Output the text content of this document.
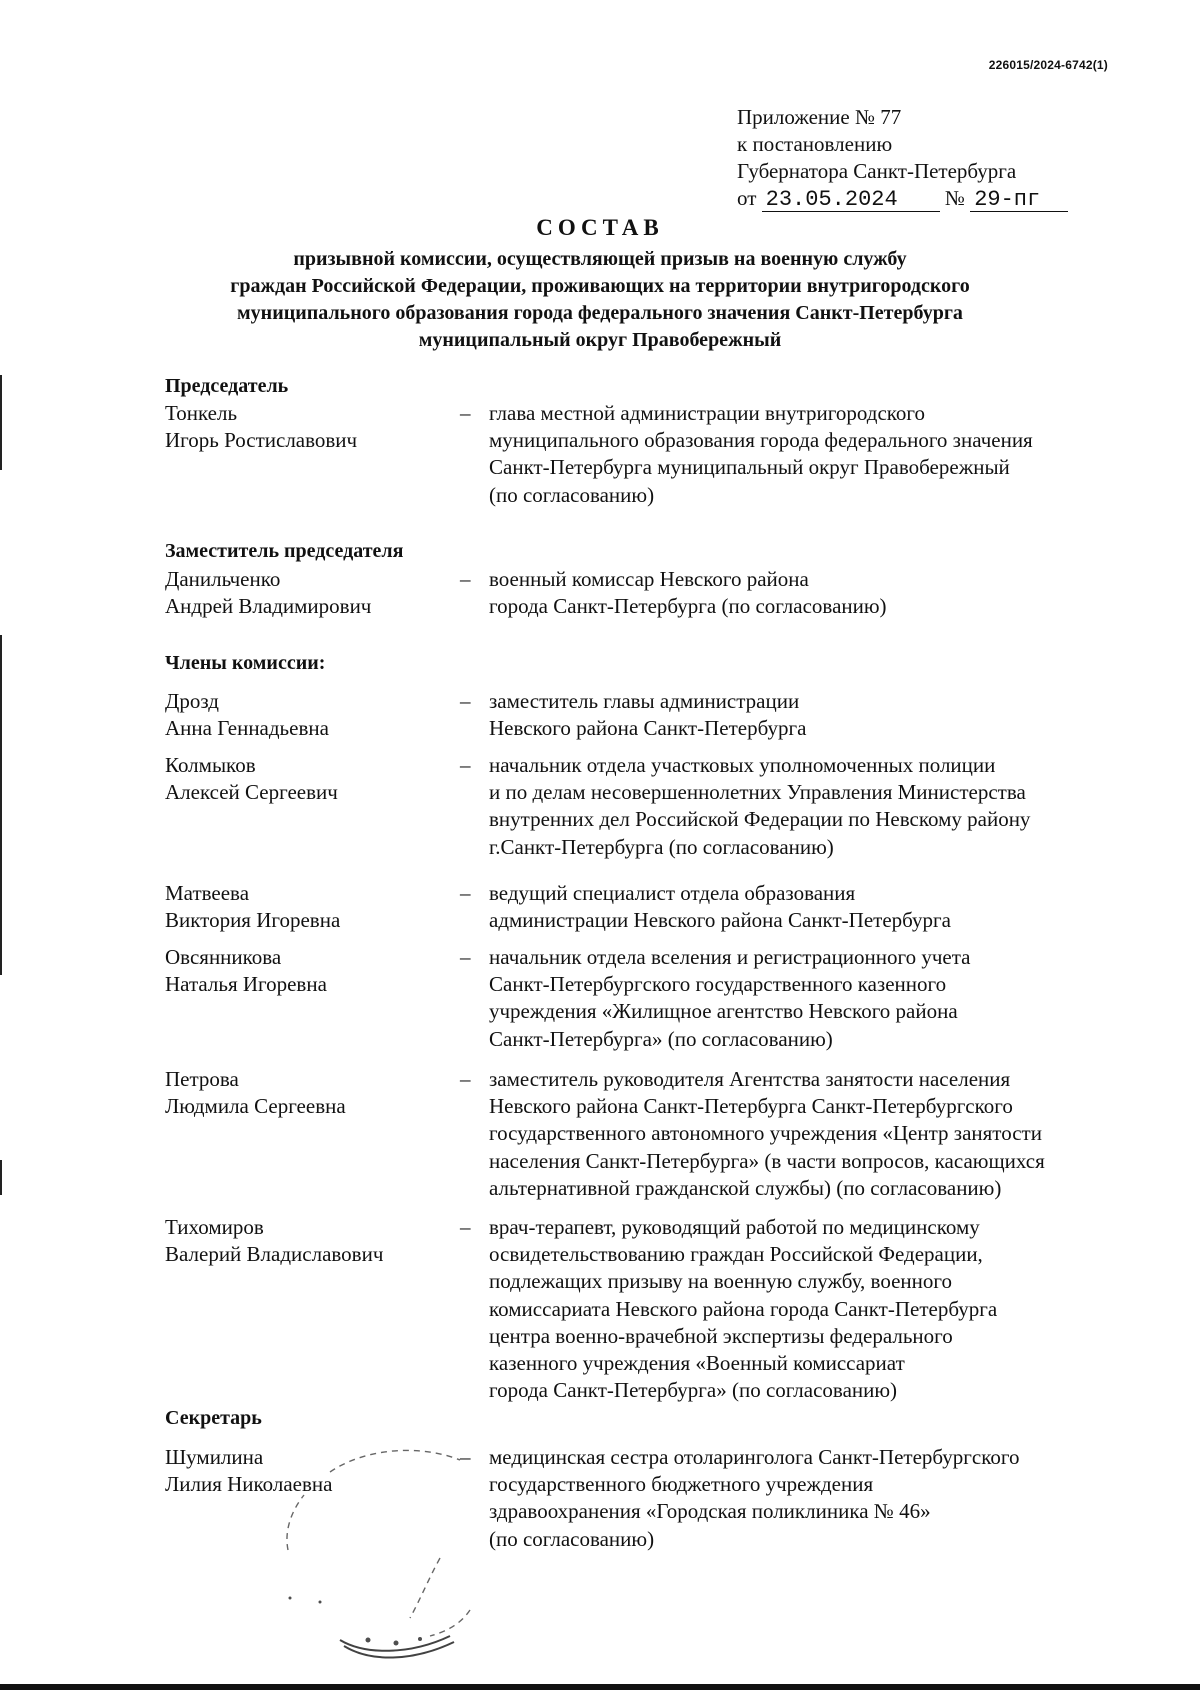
226015/2024-6742(1)
Приложение № 77
к постановлению
Губернатора Санкт-Петербурга
от 23.05.2024 № 29-пг
СОСТАВ
призывной комиссии, осуществляющей призыв на военную службу
граждан Российской Федерации, проживающих на территории внутригородского
муниципального образования города федерального значения Санкт-Петербурга
муниципальный округ Правобережный
Председатель
Тонкель
Игорь Ростиславович
– глава местной администрации внутригородского
муниципального образования города федерального значения
Санкт-Петербурга муниципальный округ Правобережный
(по согласованию)
Заместитель председателя
Данильченко
Андрей Владимирович
– военный комиссар Невского района
города Санкт-Петербурга (по согласованию)
Члены комиссии:
Дрозд
Анна Геннадьевна
– заместитель главы администрации
Невского района Санкт-Петербурга
Колмыков
Алексей Сергеевич
– начальник отдела участковых уполномоченных полиции
и по делам несовершеннолетних Управления Министерства
внутренних дел Российской Федерации по Невскому району
г.Санкт-Петербурга (по согласованию)
Матвеева
Виктория Игоревна
– ведущий специалист отдела образования
администрации Невского района Санкт-Петербурга
Овсянникова
Наталья Игоревна
– начальник отдела вселения и регистрационного учета
Санкт-Петербургского государственного казенного
учреждения «Жилищное агентство Невского района
Санкт-Петербурга» (по согласованию)
Петрова
Людмила Сергеевна
– заместитель руководителя Агентства занятости населения
Невского района Санкт-Петербурга Санкт-Петербургского
государственного автономного учреждения «Центр занятости
населения Санкт-Петербурга» (в части вопросов, касающихся
альтернативной гражданской службы) (по согласованию)
Тихомиров
Валерий Владиславович
– врач-терапевт, руководящий работой по медицинскому
освидетельствованию граждан Российской Федерации,
подлежащих призыву на военную службу, военного
комиссариата Невского района города Санкт-Петербурга
центра военно-врачебной экспертизы федерального
казенного учреждения «Военный комиссариат
города Санкт-Петербурга» (по согласованию)
Секретарь
Шумилина
Лилия Николаевна
– медицинская сестра отоларинголога Санкт-Петербургского
государственного бюджетного учреждения
здравоохранения «Городская поликлиника № 46»
(по согласованию)
